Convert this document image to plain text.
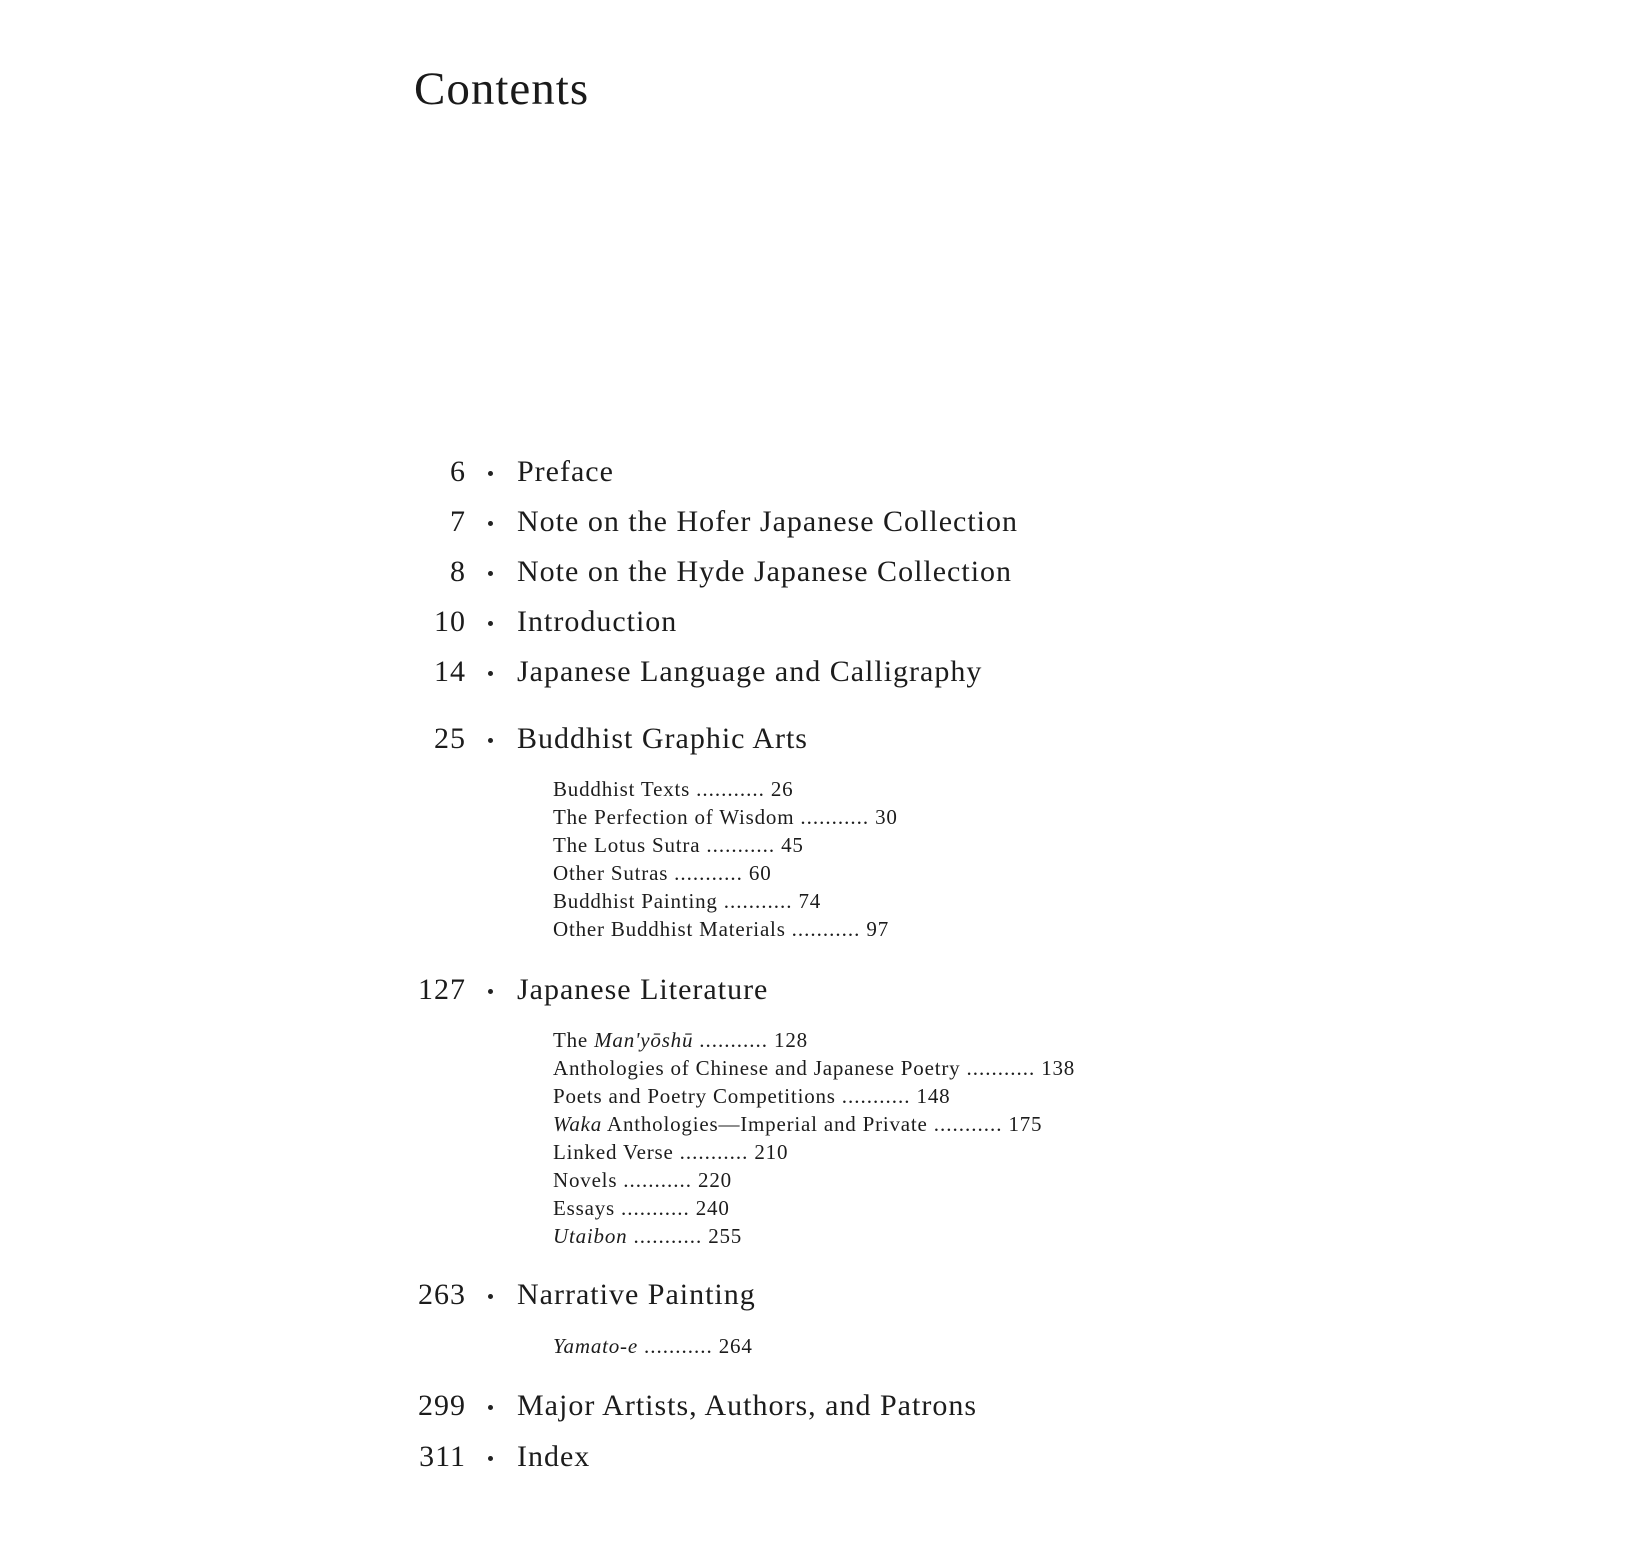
Contents
6 Preface
7 Note on the Hofer Japanese Collection
8 Note on the Hyde Japanese Collection
10 Introduction
14 Japanese Language and Calligraphy
25 Buddhist Graphic Arts
Buddhist Texts ........... 26
The Perfection of Wisdom ........... 30
The Lotus Sutra ........... 45
Other Sutras ........... 60
Buddhist Painting ........... 74
Other Buddhist Materials ........... 97
127 Japanese Literature
The Man'yōshū ........... 128
Anthologies of Chinese and Japanese Poetry ........... 138
Poets and Poetry Competitions ........... 148
Waka Anthologies—Imperial and Private ........... 175
Linked Verse ........... 210
Novels ........... 220
Essays ........... 240
Utaibon ........... 255
263 Narrative Painting
Yamato-e ........... 264
299 Major Artists, Authors, and Patrons
311 Index
